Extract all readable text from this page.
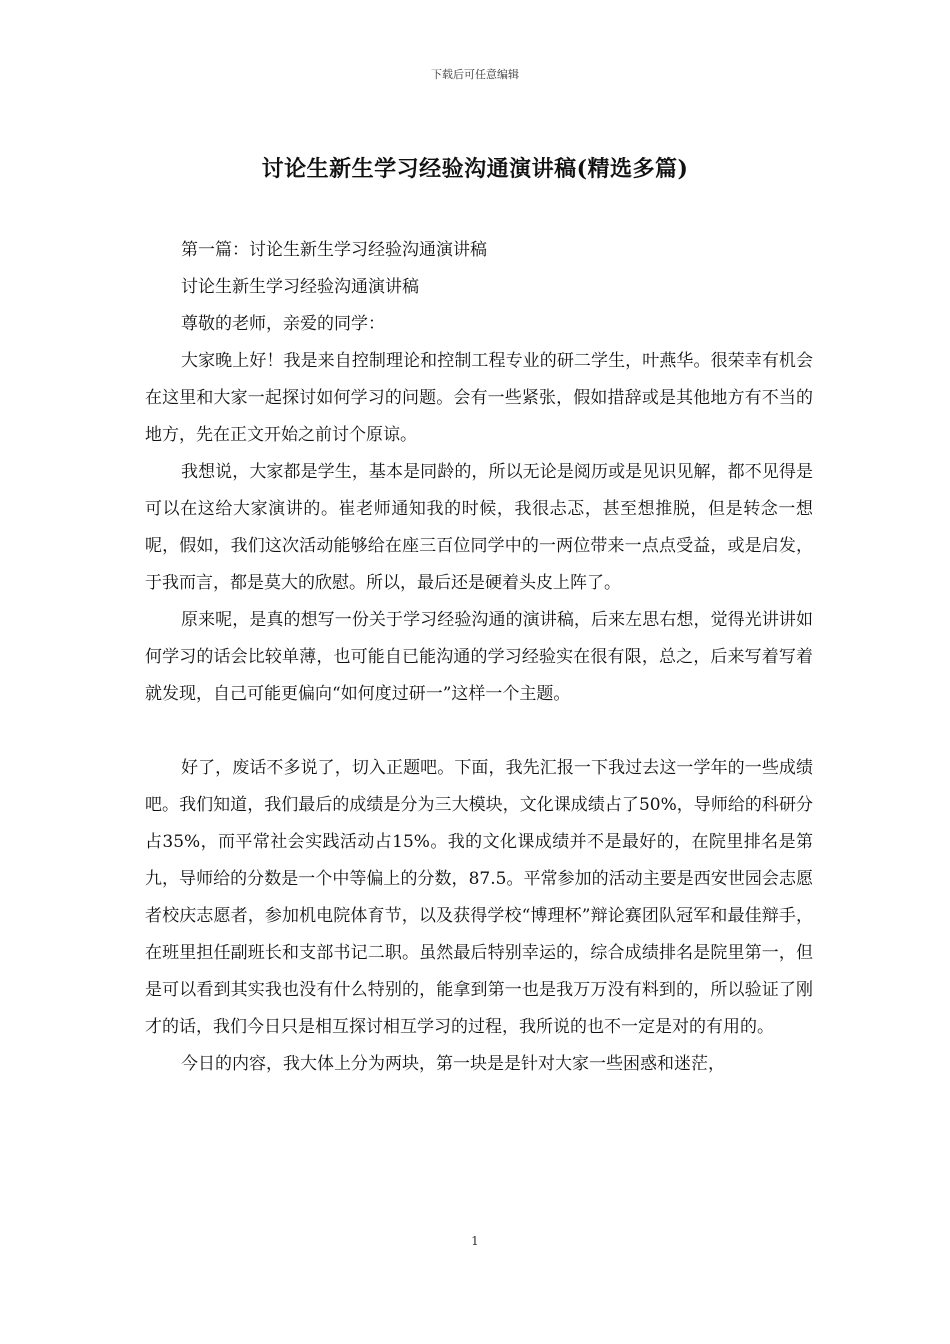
下载后可任意编辑
讨论生新生学习经验沟通演讲稿(精选多篇)

第一篇：讨论生新生学习经验沟通演讲稿

讨论生新生学习经验沟通演讲稿

尊敬的老师，亲爱的同学：

大家晚上好！我是来自控制理论和控制工程专业的研二学生，叶燕华。很荣幸有机会在这里和大家一起探讨如何学习的问题。会有一些紧张，假如措辞或是其他地方有不当的地方，先在正文开始之前讨个原谅。

我想说，大家都是学生，基本是同龄的，所以无论是阅历或是见识见解，都不见得是可以在这给大家演讲的。崔老师通知我的时候，我很忐忑，甚至想推脱，但是转念一想呢，假如，我们这次活动能够给在座三百位同学中的一两位带来一点点受益，或是启发，于我而言，都是莫大的欣慰。所以，最后还是硬着头皮上阵了。

原来呢，是真的想写一份关于学习经验沟通的演讲稿，后来左思右想，觉得光讲讲如何学习的话会比较单薄，也可能自已能沟通的学习经验实在很有限，总之，后来写着写着就发现，自己可能更偏向“如何度过研一”这样一个主题。

好了，废话不多说了，切入正题吧。下面，我先汇报一下我过去这一学年的一些成绩吧。我们知道，我们最后的成绩是分为三大模块，文化课成绩占了50%，导师给的科研分占35%，而平常社会实践活动占15%。我的文化课成绩并不是最好的，在院里排名是第九，导师给的分数是一个中等偏上的分数，87.5。平常参加的活动主要是西安世园会志愿者校庆志愿者，参加机电院体育节，以及获得学校“博理杯”辩论赛团队冠军和最佳辩手，在班里担任副班长和支部书记二职。虽然最后特别幸运的，综合成绩排名是院里第一，但是可以看到其实我也没有什么特别的，能拿到第一也是我万万没有料到的，所以验证了刚才的话，我们今日只是相互探讨相互学习的过程，我所说的也不一定是对的有用的。

今日的内容，我大体上分为两块，第一块是是针对大家一些困惑和迷茫，

1
